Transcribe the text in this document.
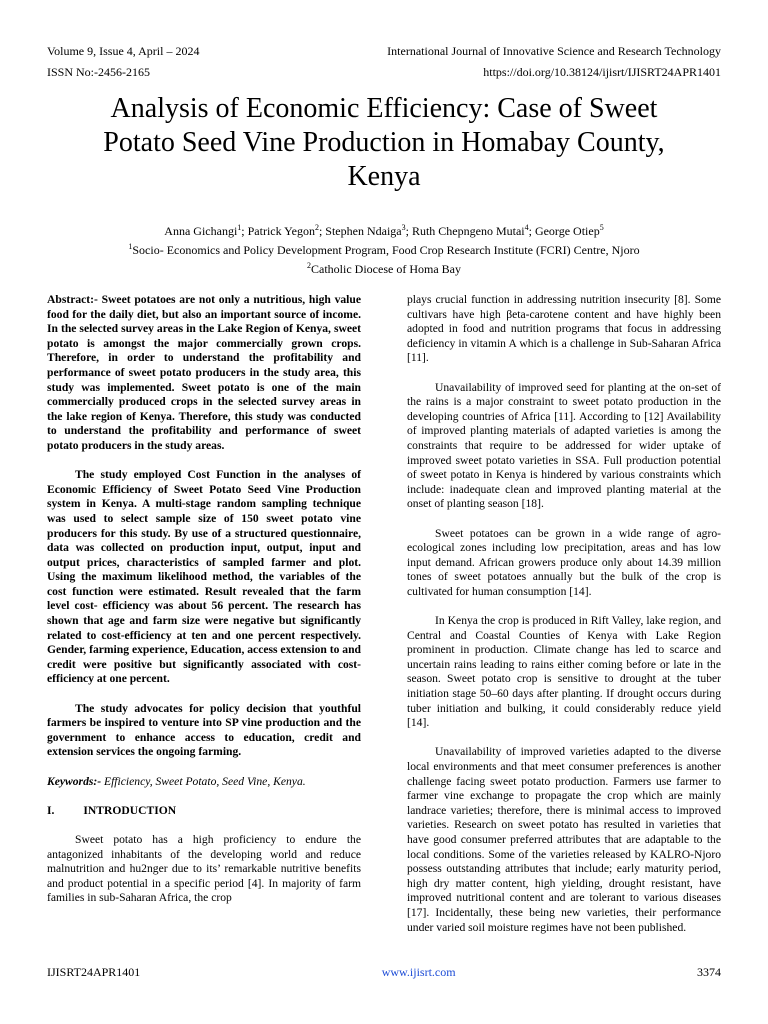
Volume 9, Issue 4, April – 2024	International Journal of Innovative Science and Research Technology
ISSN No:-2456-2165	https://doi.org/10.38124/ijisrt/IJISRT24APR1401
Analysis of Economic Efficiency: Case of Sweet Potato Seed Vine Production in Homabay County, Kenya
Anna Gichangi$^1$; Patrick Yegon$^2$; Stephen Ndaiga$^3$; Ruth Chepngeno Mutai$^4$; George Otiep$^5$
$^1$Socio- Economics and Policy Development Program, Food Crop Research Institute (FCRI) Centre, Njoro
$^2$Catholic Diocese of Homa Bay

Abstract:- Sweet potatoes are not only a nutritious, high value food for the daily diet, but also an important source of income. In the selected survey areas in the Lake Region of Kenya, sweet potato is amongst the major commercially grown crops. Therefore, in order to understand the profitability and performance of sweet potato producers in the study area, this study was implemented. Sweet potato is one of the main commercially produced crops in the selected survey areas in the lake region of Kenya. Therefore, this study was conducted to understand the profitability and performance of sweet potato producers in the study areas.

The study employed Cost Function in the analyses of Economic Efficiency of Sweet Potato Seed Vine Production system in Kenya. A multi-stage random sampling technique was used to select sample size of 150 sweet potato vine producers for this study. By use of a structured questionnaire, data was collected on production input, output, input and output prices, characteristics of sampled farmer and plot. Using the maximum likelihood method, the variables of the cost function were estimated. Result revealed that the farm level cost- efficiency was about 56 percent. The research has shown that age and farm size were negative but significantly related to cost-efficiency at ten and one percent respectively. Gender, farming experience, Education, access extension to and credit were positive but significantly associated with cost-efficiency at one percent.

The study advocates for policy decision that youthful farmers be inspired to venture into SP vine production and the government to enhance access to education, credit and extension services the ongoing farming.

Keywords:- Efficiency, Sweet Potato, Seed Vine, Kenya.

I. INTRODUCTION

Sweet potato has a high proficiency to endure the antagonized inhabitants of the developing world and reduce malnutrition and hu2nger due to its’ remarkable nutritive benefits and product potential in a specific period [4]. In majority of farm families in sub-Saharan Africa, the crop

plays crucial function in addressing nutrition insecurity [8]. Some cultivars have high βeta-carotene content and have highly been adopted in food and nutrition programs that focus in addressing deficiency in vitamin A which is a challenge in Sub-Saharan Africa [11].

Unavailability of improved seed for planting at the on-set of the rains is a major constraint to sweet potato production in the developing countries of Africa [11]. According to [12] Availability of improved planting materials of adapted varieties is among the constraints that require to be addressed for wider uptake of improved sweet potato varieties in SSA. Full production potential of sweet potato in Kenya is hindered by various constraints which include: inadequate clean and improved planting material at the onset of planting season [18].

Sweet potatoes can be grown in a wide range of agro-ecological zones including low precipitation, areas and has low input demand. African growers produce only about 14.39 million tones of sweet potatoes annually but the bulk of the crop is cultivated for human consumption [14].

In Kenya the crop is produced in Rift Valley, lake region, and Central and Coastal Counties of Kenya with Lake Region prominent in production. Climate change has led to scarce and uncertain rains leading to rains either coming before or late in the season. Sweet potato crop is sensitive to drought at the tuber initiation stage 50–60 days after planting. If drought occurs during tuber initiation and bulking, it could considerably reduce yield [14].

Unavailability of improved varieties adapted to the diverse local environments and that meet consumer preferences is another challenge facing sweet potato production. Farmers use farmer to farmer vine exchange to propagate the crop which are mainly landrace varieties; therefore, there is minimal access to improved varieties. Research on sweet potato has resulted in varieties that have good consumer preferred attributes that are adaptable to the local conditions. Some of the varieties released by KALRO-Njoro possess outstanding attributes that include; early maturity period, high dry matter content, high yielding, drought resistant, have improved nutritional content and are tolerant to various diseases [17]. Incidentally, these being new varieties, their performance under varied soil moisture regimes have not been published.

IJISRT24APR1401	www.ijisrt.com	3374
